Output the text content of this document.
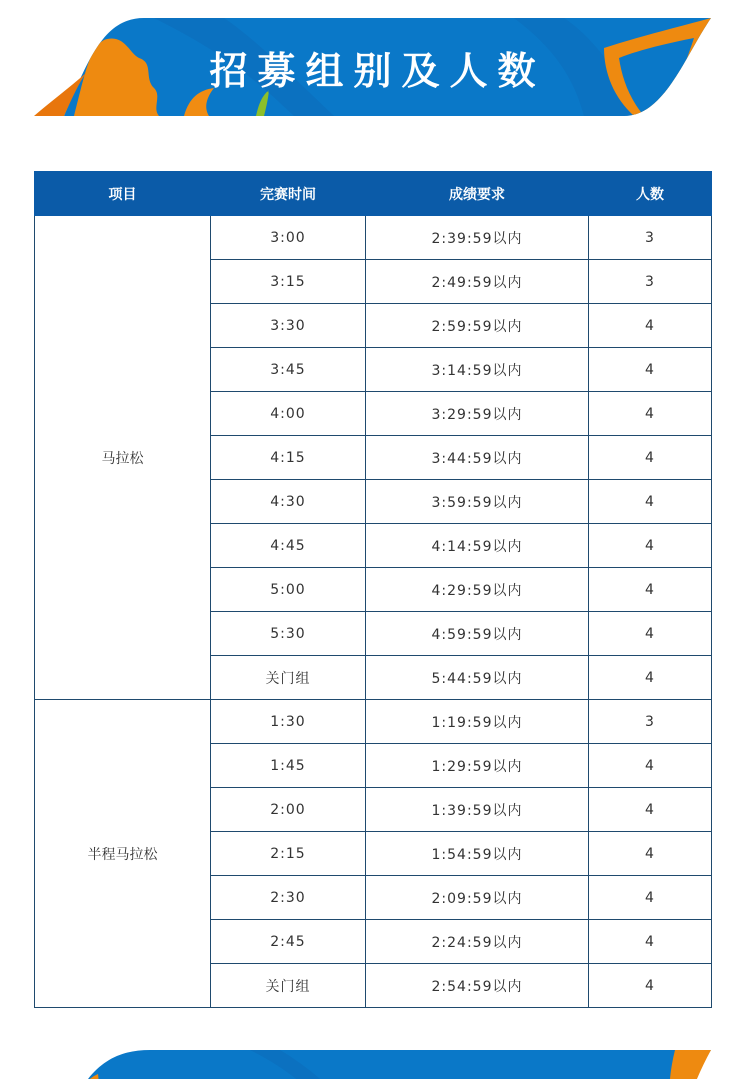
招募组别及人数
项目	完赛时间	成绩要求	人数
马拉松	3:00	2:39:59以内	3
	3:15	2:49:59以内	3
	3:30	2:59:59以内	4
	3:45	3:14:59以内	4
	4:00	3:29:59以内	4
	4:15	3:44:59以内	4
	4:30	3:59:59以内	4
	4:45	4:14:59以内	4
	5:00	4:29:59以内	4
	5:30	4:59:59以内	4
	关门组	5:44:59以内	4
半程马拉松	1:30	1:19:59以内	3
	1:45	1:29:59以内	4
	2:00	1:39:59以内	4
	2:15	1:54:59以内	4
	2:30	2:09:59以内	4
	2:45	2:24:59以内	4
	关门组	2:54:59以内	4
